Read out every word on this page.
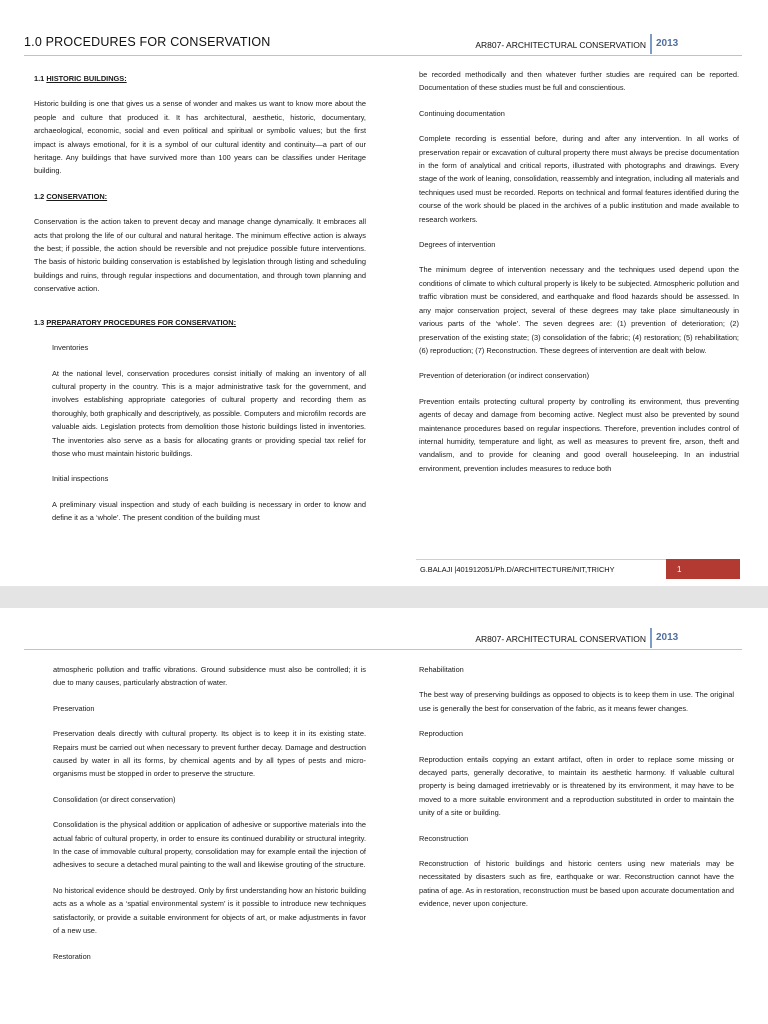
1.0 PROCEDURES FOR CONSERVATION	AR807- ARCHITECTURAL CONSERVATION 2013
1.1 HISTORIC BUILDINGS:

Historic building is one that gives us a sense of wonder and makes us want to know more about the people and culture that produced it. It has architectural, aesthetic, historic, documentary, archaeological, economic, social and even political and spiritual or symbolic values; but the first impact is always emotional, for it is a symbol of our cultural identity and continuity—a part of our heritage. Any buildings that have survived more than 100 years can be classifies under Heritage building.

1.2 CONSERVATION:

Conservation is the action taken to prevent decay and manage change dynamically. It embraces all acts that prolong the life of our cultural and natural heritage. The minimum effective action is always the best; if possible, the action should be reversible and not prejudice possible future interventions. The basis of historic building conservation is established by legislation through listing and scheduling buildings and ruins, through regular inspections and documentation, and through town planning and conservative action.

1.3 PREPARATORY PROCEDURES FOR CONSERVATION:
Inventories

At the national level, conservation procedures consist initially of making an inventory of all cultural property in the country. This is a major administrative task for the government, and involves establishing appropriate categories of cultural property and recording them as thoroughly, both graphically and descriptively, as possible. Computers and microfilm records are valuable aids. Legislation protects from demolition those historic buildings listed in inventories. The inventories also serve as a basis for allocating grants or providing special tax relief for those who must maintain historic buildings.

Initial inspections

A preliminary visual inspection and study of each building is necessary in order to know and define it as a ‘whole’. The present condition of the building must

be recorded methodically and then whatever further studies are required can be reported. Documentation of these studies must be full and conscientious.

Continuing documentation

Complete recording is essential before, during and after any intervention. In all works of preservation repair or excavation of cultural property there must always be precise documentation in the form of analytical and critical reports, illustrated with photographs and drawings. Every stage of the work of leaning, consolidation, reassembly and integration, including all materials and techniques used must be recorded. Reports on technical and formal features identified during the course of the work should be placed in the archives of a public institution and made available to research workers.

Degrees of intervention

The minimum degree of intervention necessary and the techniques used depend upon the conditions of climate to which cultural properly is likely to be subjected. Atmospheric pollution and traffic vibration must be considered, and earthquake and flood hazards should be assessed. In any major conservation project, several of these degrees may take place simultaneously in various parts of the ‘whole’. The seven degrees are: (1) prevention of deterioration; (2) preservation of the existing state; (3) consolidation of the fabric; (4) restoration; (5) rehabilitation; (6) reproduction; (7) Reconstruction. These degrees of intervention are dealt with below.

Prevention of deterioration (or indirect conservation)

Prevention entails protecting cultural property by controlling its environment, thus preventing agents of decay and damage from becoming active. Neglect must also be prevented by sound maintenance procedures based on regular inspections. Therefore, prevention includes control of internal humidity, temperature and light, as well as measures to prevent fire, arson, theft and vandalism, and to provide for cleaning and good overall houseleeping. In an industrial environment, prevention includes measures to reduce both

G.BALAJI |401912051/Ph.D/ARCHITECTURE/NIT,TRICHY	1
AR807- ARCHITECTURAL CONSERVATION 2013

atmospheric pollution and traffic vibrations. Ground subsidence must also be controlled; it is due to many causes, particularly abstraction of water.

Preservation

Preservation deals directly with cultural property. Its object is to keep it in its existing state. Repairs must be carried out when necessary to prevent further decay. Damage and destruction caused by water in all its forms, by chemical agents and by all types of pests and micro-organisms must be stopped in order to preserve the structure.

Consolidation (or direct conservation)

Consolidation is the physical addition or application of adhesive or supportive materials into the actual fabric of cultural property, in order to ensure its continued durability or structural integrity. In the case of immovable cultural property, consolidation may for example entail the injection of adhesives to secure a detached mural painting to the wall and likewise grouting of the structure.

No historical evidence should be destroyed. Only by first understanding how an historic building acts as a whole as a ‘spatial environmental system’ is it possible to introduce new techniques satisfactorily, or provide a suitable environment for objects of art, or make adjustments in favor of a new use.

Restoration
Rehabilitation

The best way of preserving buildings as opposed to objects is to keep them in use. The original use is generally the best for conservation of the fabric, as it means fewer changes.

Reproduction

Reproduction entails copying an extant artifact, often in order to replace some missing or decayed parts, generally decorative, to maintain its aesthetic harmony. If valuable cultural property is being damaged irretrievably or is threatened by its environment, it may have to be moved to a more suitable environment and a reproduction substituted in order to maintain the unity of a site or building.

Reconstruction

Reconstruction of historic buildings and historic centers using new materials may be necessitated by disasters such as fire, earthquake or war. Reconstruction cannot have the patina of age. As in restoration, reconstruction must be based upon accurate documentation and evidence, never upon conjecture.
